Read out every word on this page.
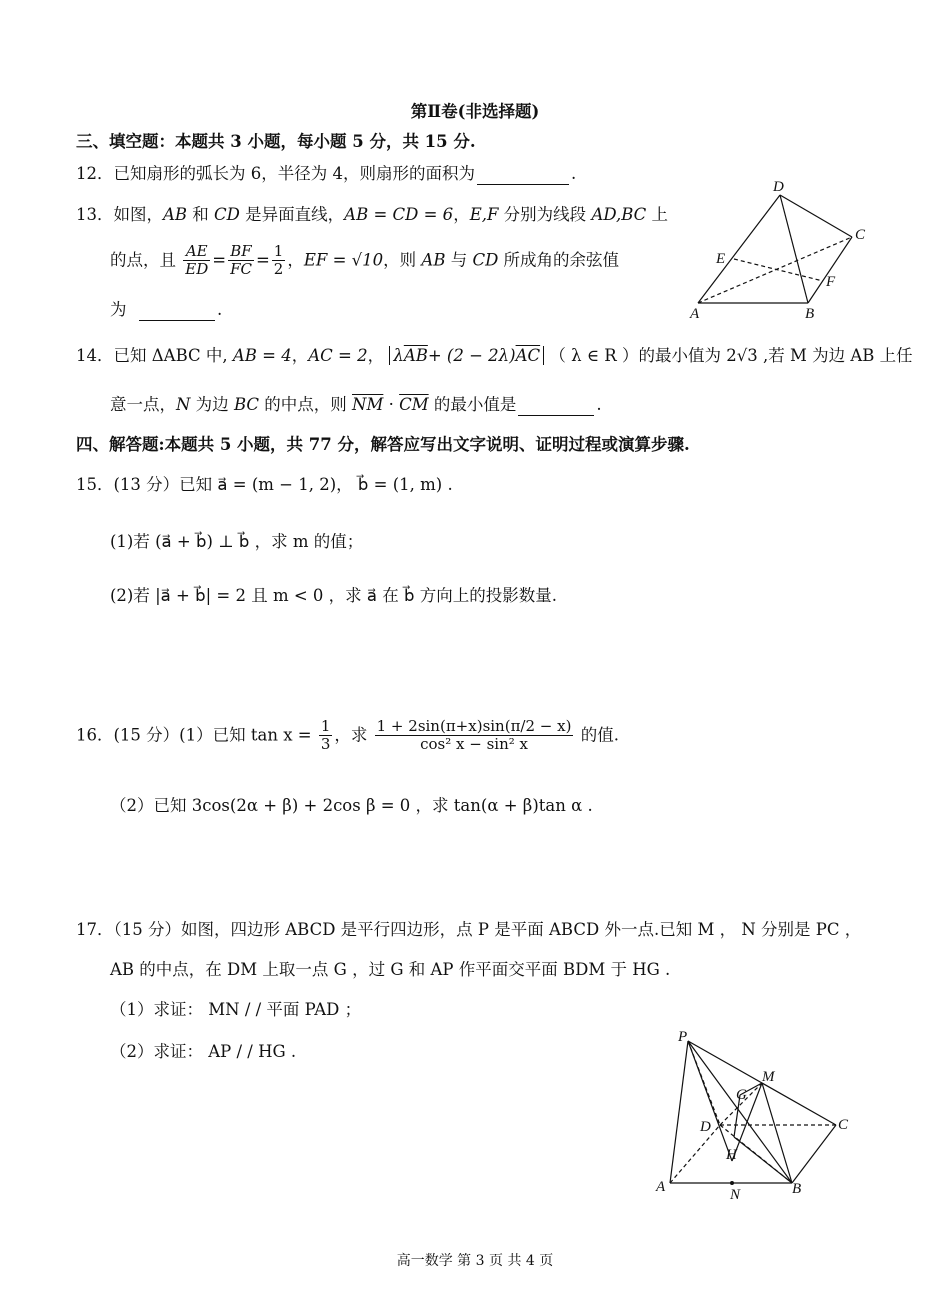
第Ⅱ卷(非选择题)
三、填空题：本题共 3 小题，每小题 5 分，共 15 分.
12．已知扇形的弧长为 6，半径为 4，则扇形的面积为	.
13．如图，AB 和 CD 是异面直线，AB = CD = 6，E,F 分别为线段 AD,BC 上
的点，且 $\frac{AE}{ED} = \frac{BF}{FC} = \frac{1}{2}$ ，EF = √10，则 AB 与 CD 所成角的余弦值
为	.
D
C
E
F
A	B
14．已知 ΔABC 中, AB = 4，AC = 2， $\lambda\overline{AB}+ (2 - 2\lambda)\overline{AC}$ （ λ ∈ R ）的最小值为 2√3 ,若 M 为边 AB 上任
意一点，N 为边 BC 的中点，则 $\overline{NM} \cdot \overline{CM}$ 的最小值是	.
四、解答题:本题共 5 小题，共 77 分，解答应写出文字说明、证明过程或演算步骤.
15．(13 分）已知 a⃗ = (m − 1, 2)， b⃗ = (1, m) .
(1)若 (a⃗ + b⃗) ⊥ b⃗ ，求 m 的值；
(2)若 |a⃗ + b⃗| = 2 且 m < 0 ，求 a⃗ 在 b⃗ 方向上的投影数量.
16．(15 分）(1）已知 $\tan x = \frac{1}{3}$ ，求 $\frac{1 + 2\sin(\pi+x)\sin(\pi/2 - x)}{\text{cos² x − sin² x}}$ 的值.
（2）已知 3cos(2α + β) + 2cos β = 0 ，求 tan(α + β)tan α .
17．（15 分）如图，四边形 ABCD 是平行四边形，点 P 是平面 ABCD 外一点.已知 M ， N 分别是 PC ，
AB 的中点，在 DM 上取一点 G ，过 G 和 AP 作平面交平面 BDM 于 HG .
（1）求证： MN / / 平面 PAD ；
（2）求证： AP / / HG .
P
M
G
D	C
H
A	N	B
高一数学 第 3 页 共 4 页
